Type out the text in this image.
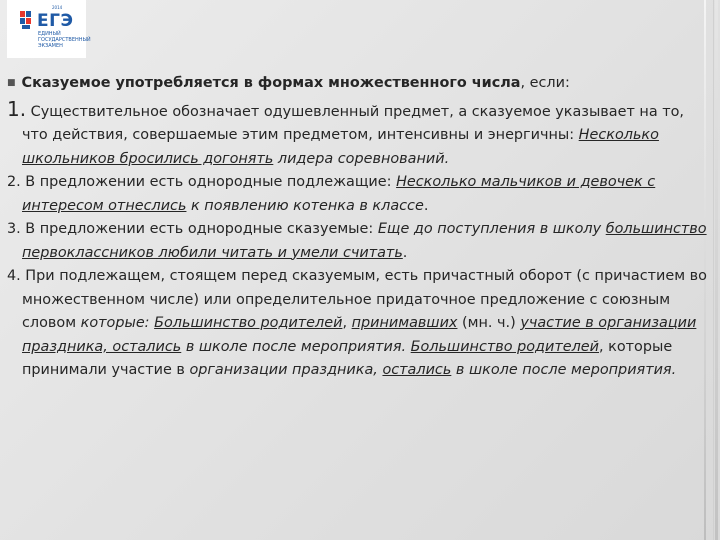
2014
ЕГЭ
ЕДИНЫЙ ГОСУДАРСТВЕННЫЙ ЭКЗАМЕН

■ Сказуемое употребляется в формах множественного числа, если:

1. Существительное обозначает одушевленный предмет, а сказуемое указывает на то, что действия, совершаемые этим предметом, интенсивны и энергичны: Несколько школьников бросились догонять лидера соревнований.

2. В предложении есть однородные подлежащие: Несколько мальчиков и девочек с интересом отнеслись к появлению котенка в классе.

3. В предложении есть однородные сказуемые: Еще до поступления в школу большинство первоклассников любили читать и умели считать.

4. При подлежащем, стоящем перед сказуемым, есть причастный оборот (с причастием во множественном числе) или определительное придаточное предложение с союзным словом которые: Большинство родителей, принимавших (мн. ч.) участие в организации праздника, остались в школе после мероприятия. Большинство родителей, которые принимали участие в организации праздника, остались в школе после мероприятия.
